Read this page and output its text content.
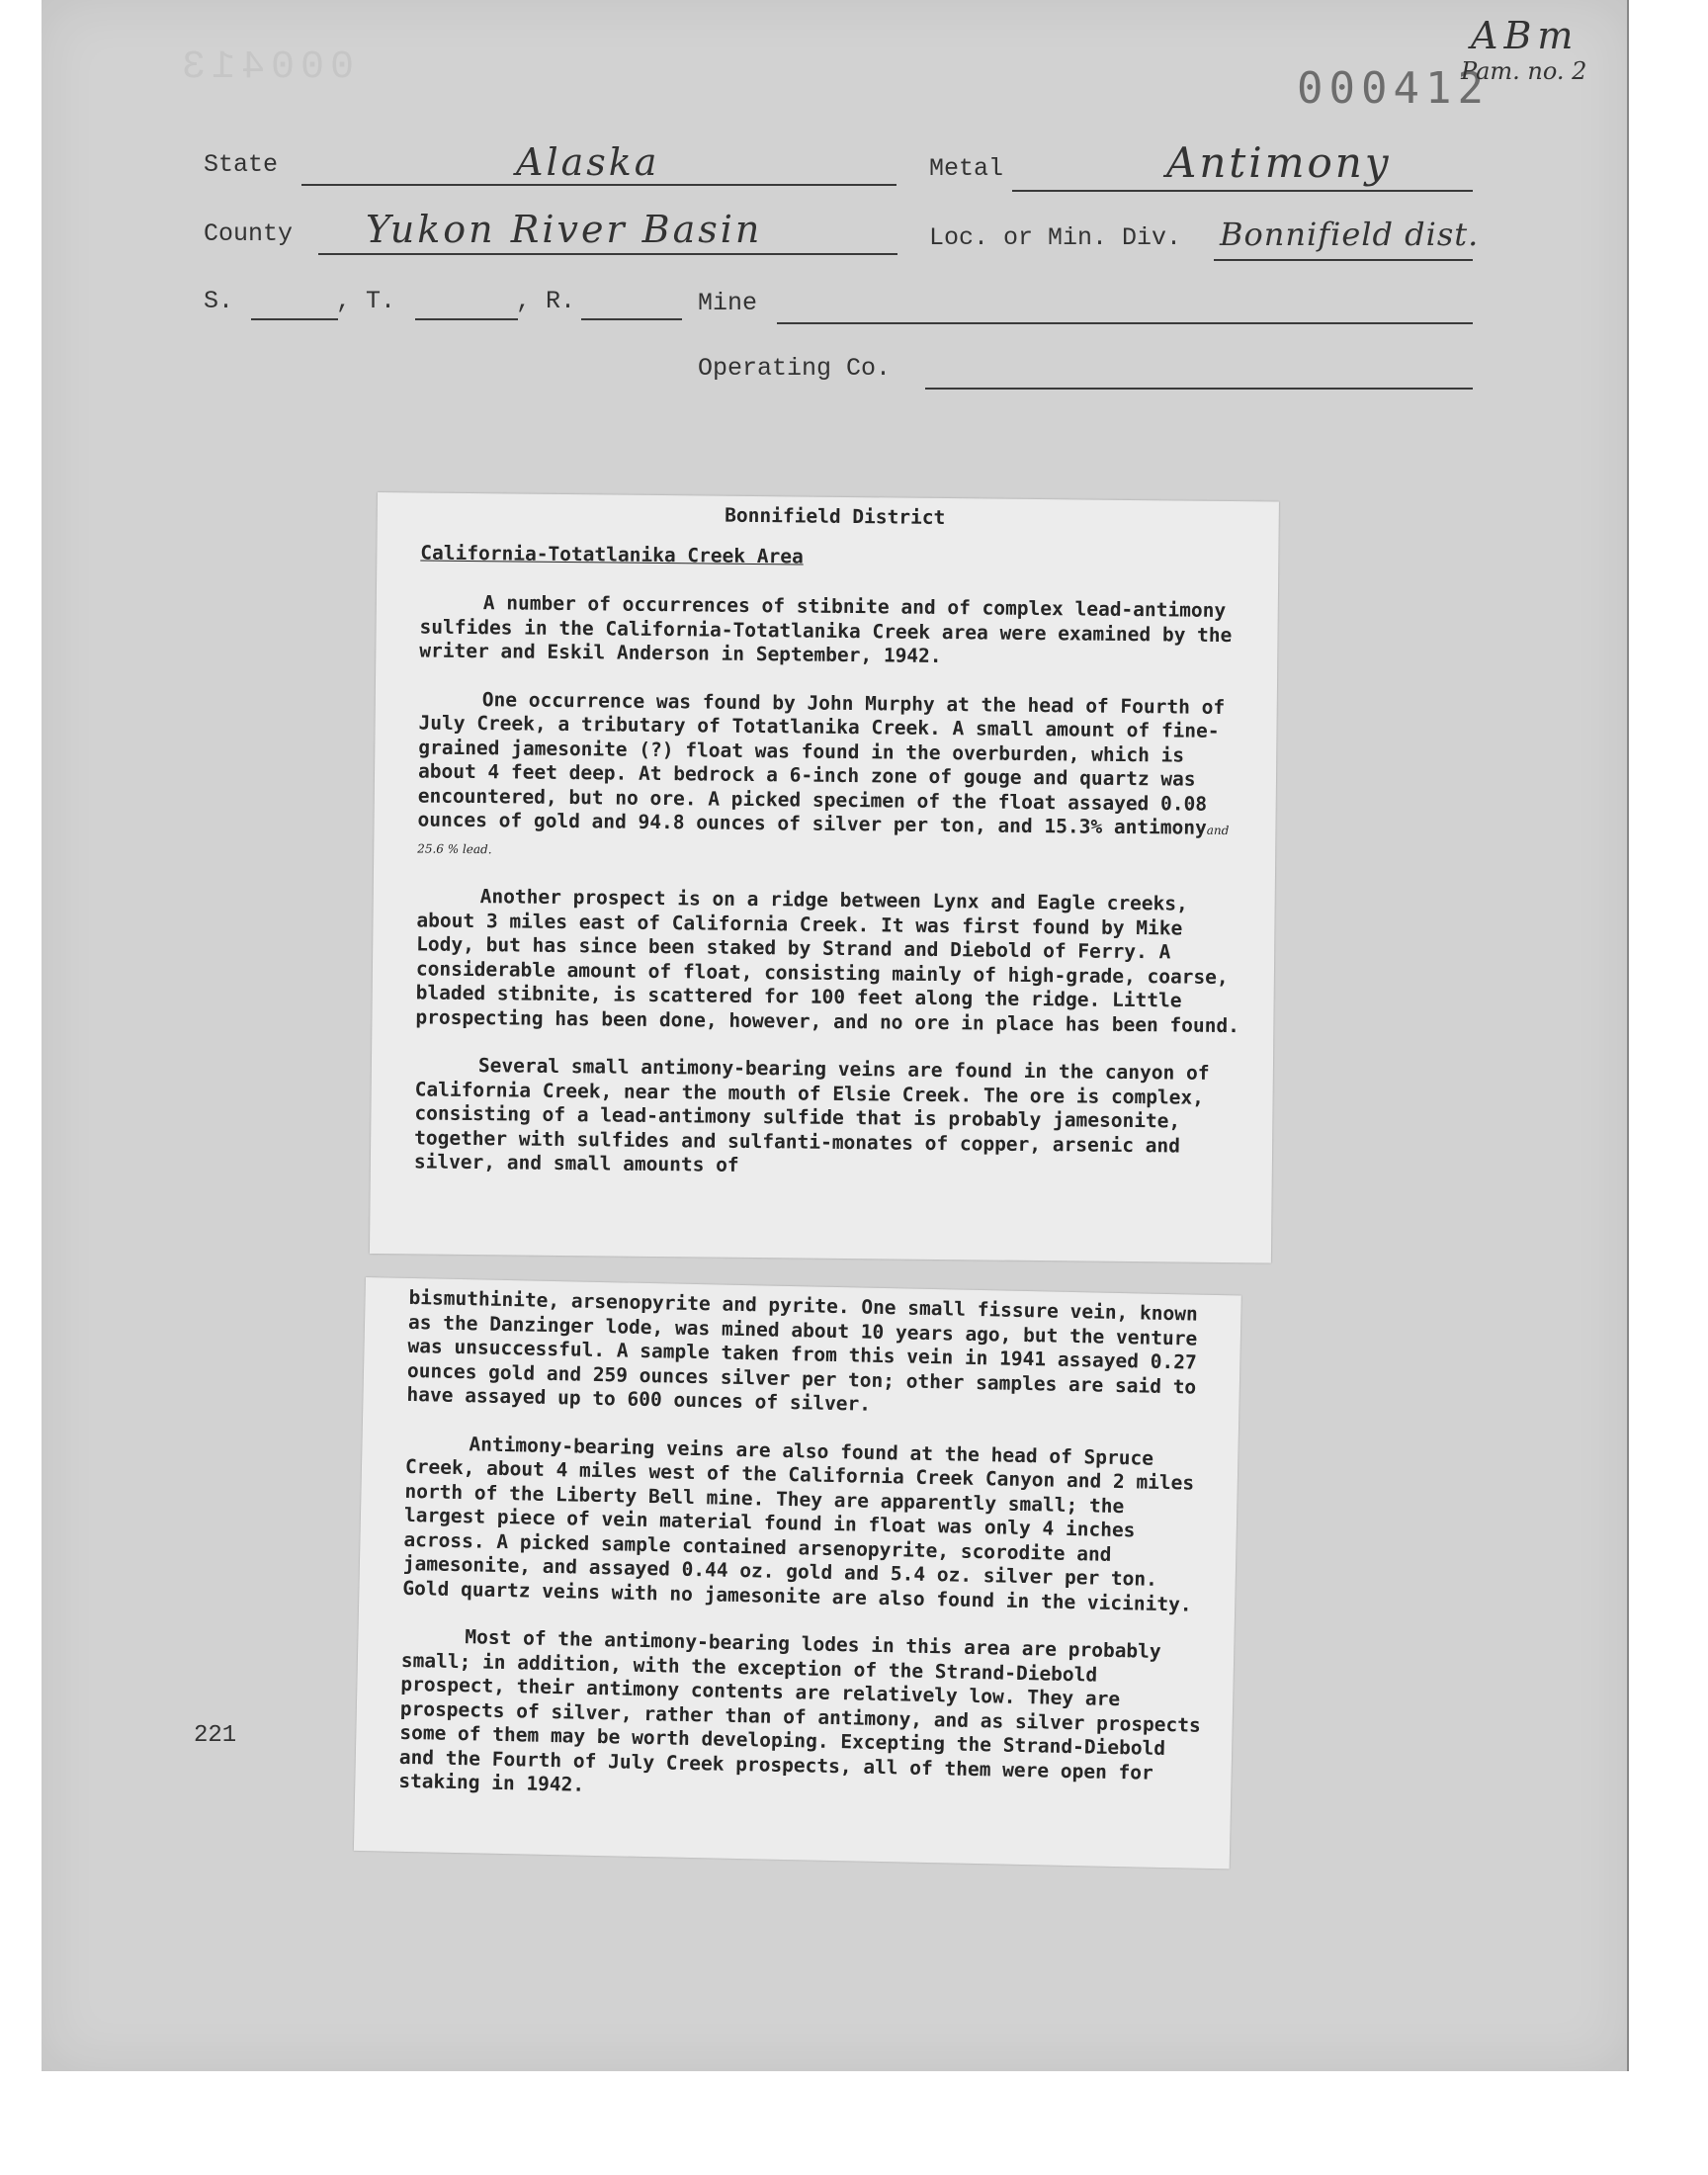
000413	000412
ABm
Pam. no. 2
State	Alaska	Metal	Antimony
County Yukon River Basin	Loc. or Min. Div. Bonnifield dist.
S.	, T.	, R.	Mine
Operating Co.
Bonnifield District
California-Totatlanika Creek Area
A number of occurrences of stibnite and of complex lead-antimony sulfides in the California-Totatlanika Creek area were examined by the writer and Eskil Anderson in September, 1942.
One occurrence was found by John Murphy at the head of Fourth of July Creek, a tributary of Totatlanika Creek. A small amount of fine-grained jamesonite (?) float was found in the overburden, which is about 4 feet deep. At bedrock a 6-inch zone of gouge and quartz was encountered, but no ore. A picked specimen of the float assayed 0.08 ounces of gold and 94.8 ounces of silver per ton, and 15.3% antimonyand 25.6 % lead.
Another prospect is on a ridge between Lynx and Eagle creeks, about 3 miles east of California Creek. It was first found by Mike Lody, but has since been staked by Strand and Diebold of Ferry. A considerable amount of float, consisting mainly of high-grade, coarse, bladed stibnite, is scattered for 100 feet along the ridge. Little prospecting has been done, however, and no ore in place has been found.
Several small antimony-bearing veins are found in the canyon of California Creek, near the mouth of Elsie Creek. The ore is complex, consisting of a lead-antimony sulfide that is probably jamesonite, together with sulfides and sulfanti-monates of copper, arsenic and silver, and small amounts of
bismuthinite, arsenopyrite and pyrite. One small fissure vein, known as the Danzinger lode, was mined about 10 years ago, but the venture was unsuccessful. A sample taken from this vein in 1941 assayed 0.27 ounces gold and 259 ounces silver per ton; other samples are said to have assayed up to 600 ounces of silver.
Antimony-bearing veins are also found at the head of Spruce Creek, about 4 miles west of the California Creek Canyon and 2 miles north of the Liberty Bell mine. They are apparently small; the largest piece of vein material found in float was only 4 inches across. A picked sample contained arsenopyrite, scorodite and jamesonite, and assayed 0.44 oz. gold and 5.4 oz. silver per ton. Gold quartz veins with no jamesonite are also found in the vicinity.
Most of the antimony-bearing lodes in this area are probably small; in addition, with the exception of the Strand-Diebold prospect, their antimony contents are relatively low. They are prospects of silver, rather than of antimony, and as silver prospects some of them may be worth developing. Excepting the Strand-Diebold and the Fourth of July Creek prospects, all of them were open for staking in 1942.
221
